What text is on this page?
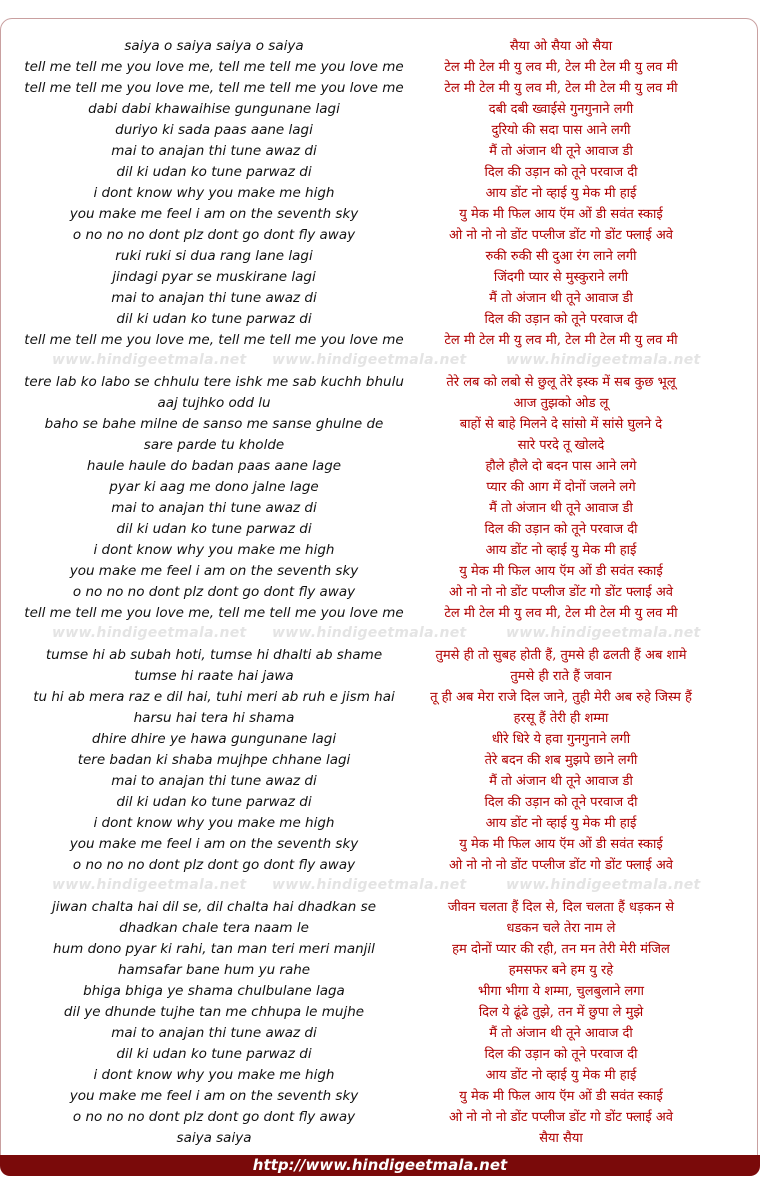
saiya o saiya saiya o saiya	सैया ओ सैया ओ सैया
tell me tell me you love me, tell me tell me you love me	टेल मी टेल मी यु लव मी, टेल मी टेल मी यु लव मी
tell me tell me you love me, tell me tell me you love me	टेल मी टेल मी यु लव मी, टेल मी टेल मी यु लव मी
dabi dabi khawaihise gungunane lagi	दबी दबी ख्वाईसे गुनगुनाने लगी
duriyo ki sada paas aane lagi	दुरियो की सदा पास आने लगी
mai to anajan thi tune awaz di	मैं तो अंजान थी तूने आवाज डी
dil ki udan ko tune parwaz di	दिल की उड़ान को तूने परवाज दी
i dont know why you make me high	आय डोंट नो व्हाई यु मेक मी हाई
you make me feel i am on the seventh sky	यु मेक मी फिल आय ऍम ओं डी सवंत स्काई
o no no no dont plz dont go dont fly away	ओ नो नो नो डोंट पप्लीज डोंट गो डोंट फ्लाई अवे
ruki ruki si dua rang lane lagi	रुकी रुकी सी दुआ रंग लाने लगी
jindagi pyar se muskirane lagi	जिंदगी प्यार से मुस्कुराने लगी
mai to anajan thi tune awaz di	मैं तो अंजान थी तूने आवाज डी
dil ki udan ko tune parwaz di	दिल की उड़ान को तूने परवाज दी
tell me tell me you love me, tell me tell me you love me	टेल मी टेल मी यु लव मी, टेल मी टेल मी यु लव मी
www.hindigeetmala.net www.hindigeetmala.net	www.hindigeetmala.net
tere lab ko labo se chhulu tere ishk me sab kuchh bhulu	तेरे लब को लबो से छुलू तेरे इस्क में सब कुछ भूलू
aaj tujhko odd lu	आज तुझको ओड लू
baho se bahe milne de sanso me sanse ghulne de	बाहों से बाहे मिलने दे सांसो में सांसे घुलने दे
sare parde tu kholde	सारे परदे तू खोलदे
haule haule do badan paas aane lage	हौले हौले दो बदन पास आने लगे
pyar ki aag me dono jalne lage	प्यार की आग में दोनों जलने लगे
mai to anajan thi tune awaz di	मैं तो अंजान थी तूने आवाज डी
dil ki udan ko tune parwaz di	दिल की उड़ान को तूने परवाज दी
i dont know why you make me high	आय डोंट नो व्हाई यु मेक मी हाई
you make me feel i am on the seventh sky	यु मेक मी फिल आय ऍम ओं डी सवंत स्काई
o no no no dont plz dont go dont fly away	ओ नो नो नो डोंट पप्लीज डोंट गो डोंट फ्लाई अवे
tell me tell me you love me, tell me tell me you love me	टेल मी टेल मी यु लव मी, टेल मी टेल मी यु लव मी
www.hindigeetmala.net www.hindigeetmala.net	www.hindigeetmala.net
tumse hi ab subah hoti, tumse hi dhalti ab shame	तुमसे ही तो सुबह होती हैं, तुमसे ही ढलती हैं अब शामे
tumse hi raate hai jawa	तुमसे ही राते हैं जवान
tu hi ab mera raz e dil hai, tuhi meri ab ruh e jism hai	तू ही अब मेरा राजे दिल जाने, तुही मेरी अब रुहे जिस्म हैं
harsu hai tera hi shama	हरसू हैं तेरी ही शम्मा
dhire dhire ye hawa gungunane lagi	धीरे धिरे ये हवा गुनगुनाने लगी
tere badan ki shaba mujhpe chhane lagi	तेरे बदन की शब मुझपे छाने लगी
mai to anajan thi tune awaz di	मैं तो अंजान थी तूने आवाज डी
dil ki udan ko tune parwaz di	दिल की उड़ान को तूने परवाज दी
i dont know why you make me high	आय डोंट नो व्हाई यु मेक मी हाई
you make me feel i am on the seventh sky	यु मेक मी फिल आय ऍम ओं डी सवंत स्काई
o no no no dont plz dont go dont fly away	ओ नो नो नो डोंट पप्लीज डोंट गो डोंट फ्लाई अवे
www.hindigeetmala.net www.hindigeetmala.net	www.hindigeetmala.net
jiwan chalta hai dil se, dil chalta hai dhadkan se	जीवन चलता हैं दिल से, दिल चलता हैं धड़कन से
dhadkan chale tera naam le	धडकन चले तेरा नाम ले
hum dono pyar ki rahi, tan man teri meri manjil	हम दोनों प्यार की रही, तन मन तेरी मेरी मंजिल
hamsafar bane hum yu rahe	हमसफर बने हम यु रहे
bhiga bhiga ye shama chulbulane laga	भीगा भीगा ये शम्मा, चुलबुलाने लगा
dil ye dhunde tujhe tan me chhupa le mujhe	दिल ये ढूंढे तुझे, तन में छुपा ले मुझे
mai to anajan thi tune awaz di	मैं तो अंजान थी तूने आवाज दी
dil ki udan ko tune parwaz di	दिल की उड़ान को तूने परवाज दी
i dont know why you make me high	आय डोंट नो व्हाई यु मेक मी हाई
you make me feel i am on the seventh sky	यु मेक मी फिल आय ऍम ओं डी सवंत स्काई
o no no no dont plz dont go dont fly away	ओ नो नो नो डोंट पप्लीज डोंट गो डोंट फ्लाई अवे
saiya saiya	सैया सैया
http://www.hindigeetmala.net
